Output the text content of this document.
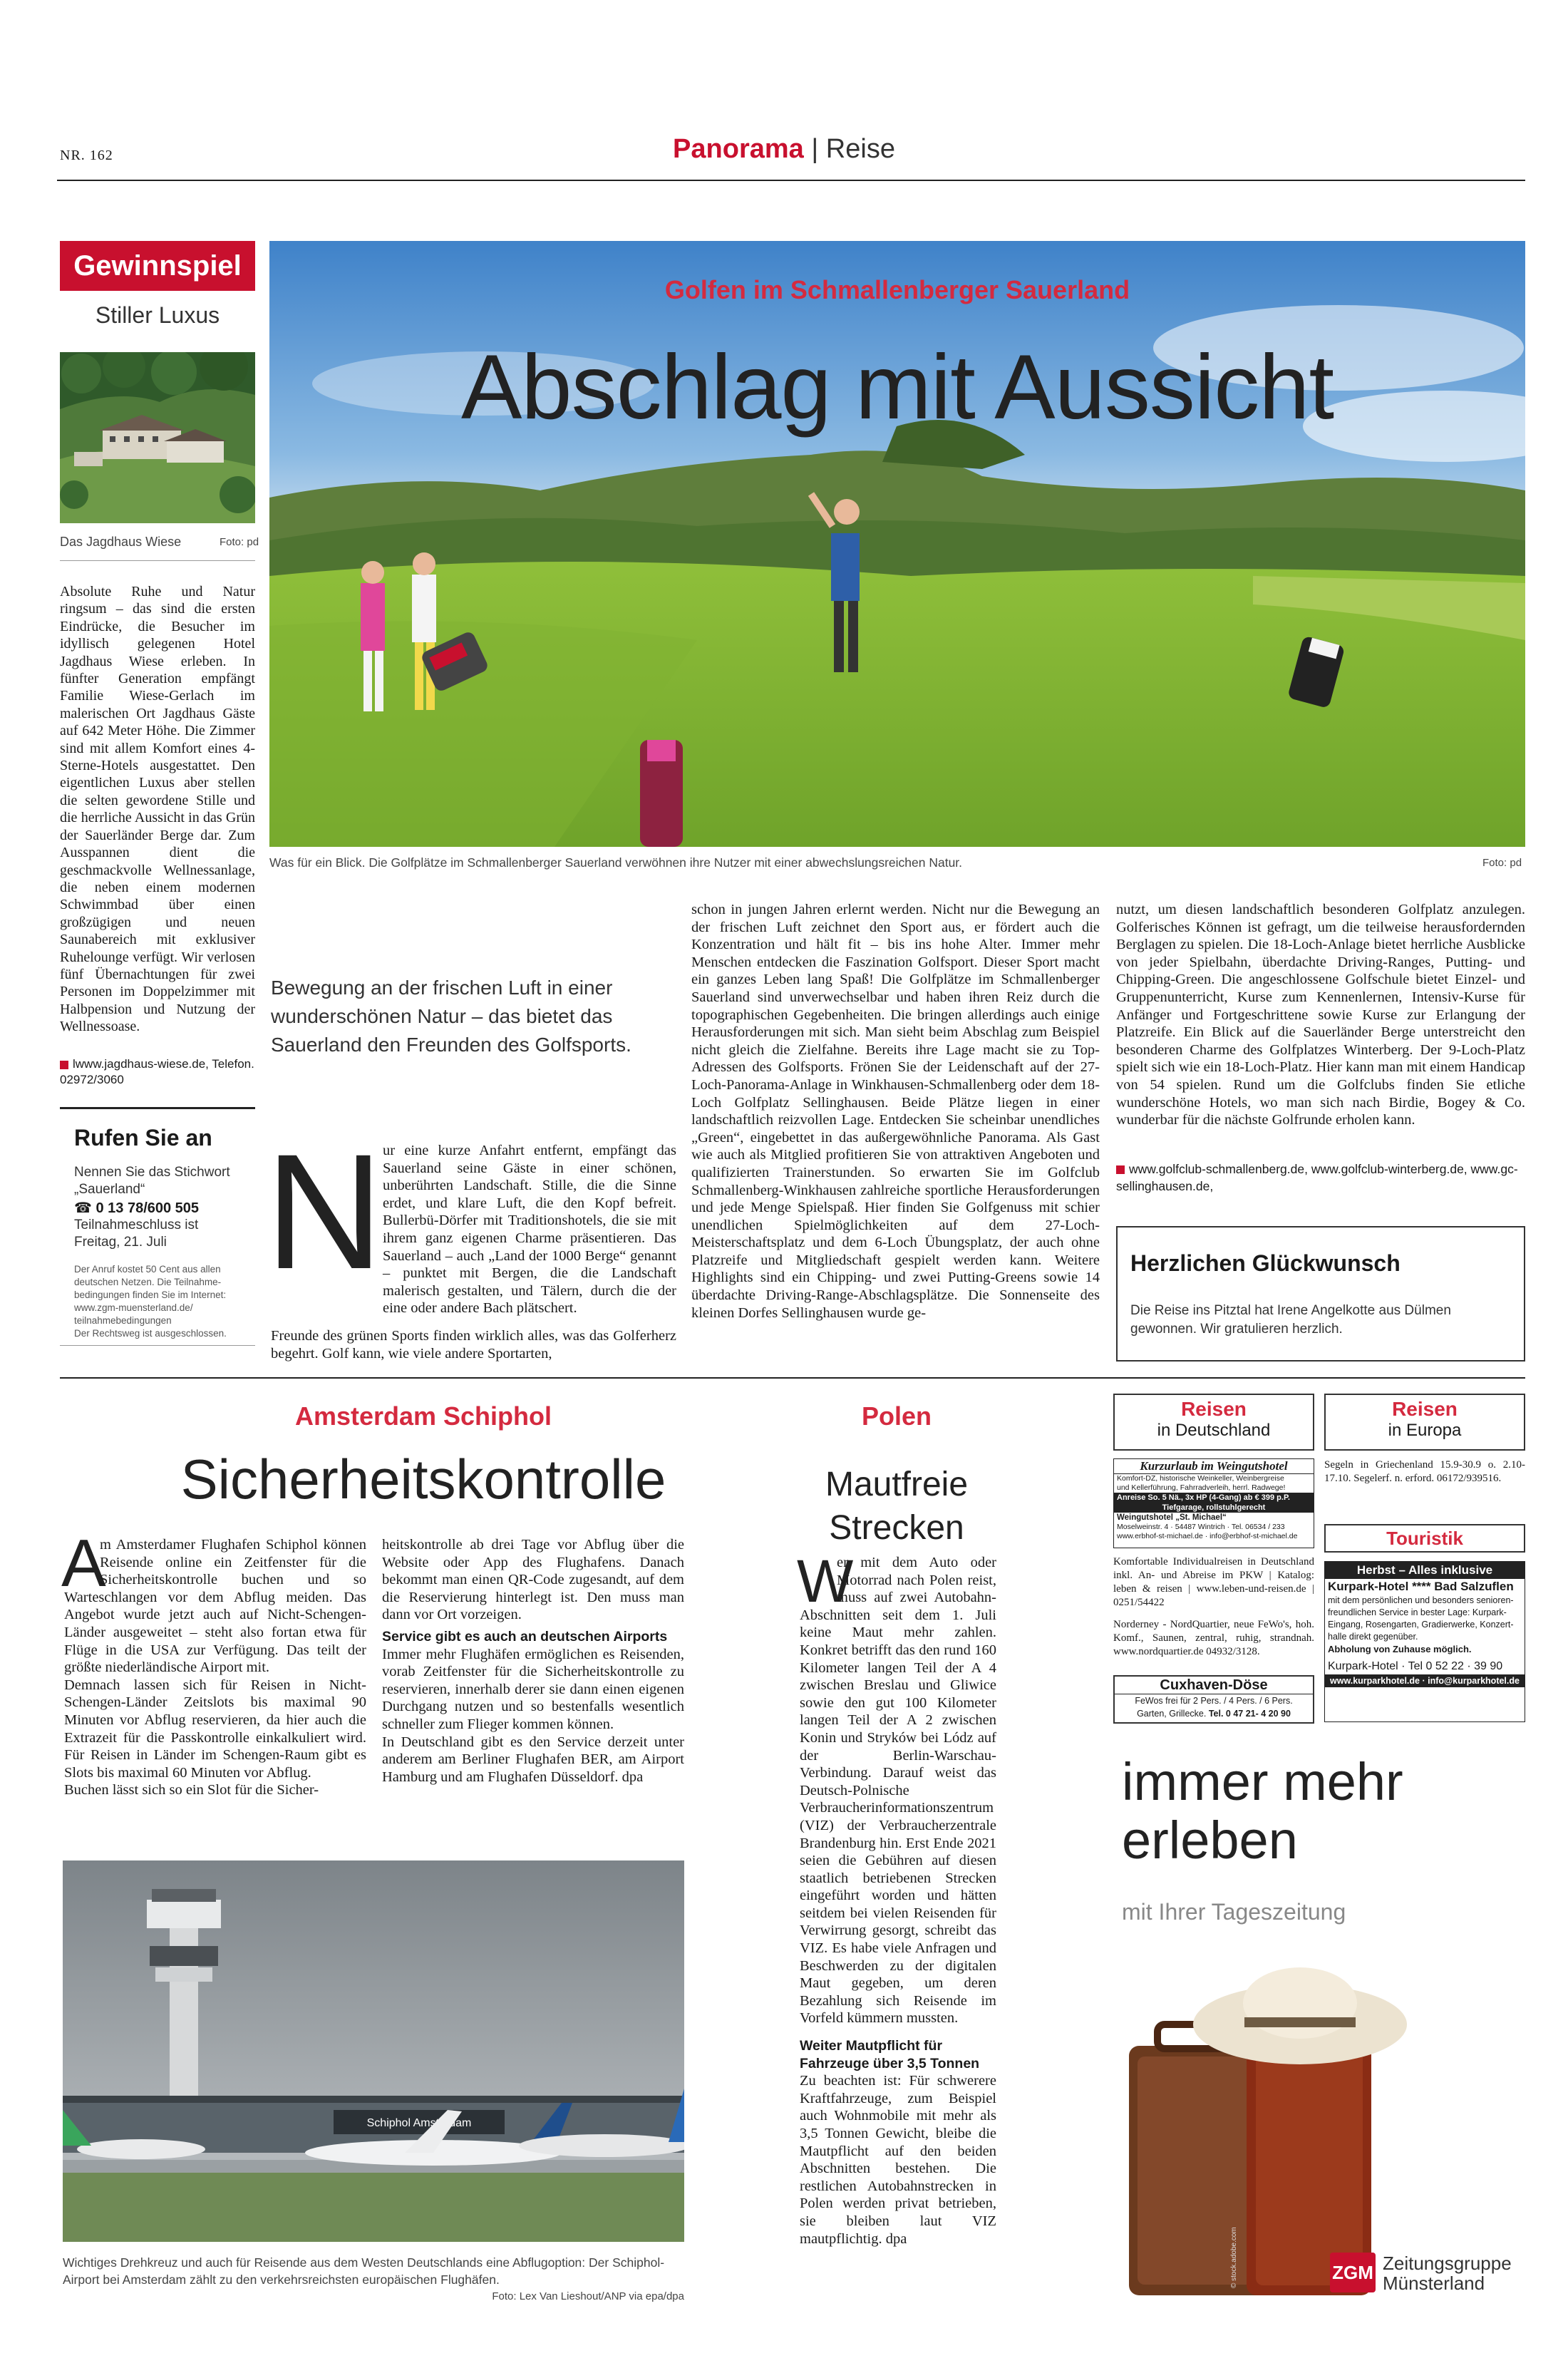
NR. 162	Panorama | Reise
Gewinnspiel
Stiller Luxus
Das Jagdhaus Wiese	Foto: pd
Absolute Ruhe und Natur ringsum – das sind die ersten Eindrücke, die Besucher im idyllisch gelegenen Hotel Jagdhaus Wiese erleben. In fünfter Generation empfängt Familie Wiese-Gerlach im malerischen Ort Jagdhaus Gäste auf 642 Meter Höhe. Die Zimmer sind mit allem Komfort eines 4-Sterne-Hotels ausgestattet. Den eigentlichen Luxus aber stellen die selten gewordene Stille und die herrliche Aussicht in das Grün der Sauerländer Berge dar. Zum Ausspannen dient die geschmackvolle Wellnessanlage, die neben einem modernen Schwimmbad über einen großzügigen und neuen Saunabereich mit exklusiver Ruhelounge verfügt. Wir verlosen fünf Übernachtungen für zwei Personen im Doppelzimmer mit Halbpension und Nutzung der Wellnessoase.
lwww.jagdhaus-wiese.de, Telefon. 02972/3060
Rufen Sie an
Nennen Sie das Stichwort
„Sauerland“
☎ 0 13 78/600 505
Teilnahmeschluss ist
Freitag, 21. Juli
Der Anruf kostet 50 Cent aus allen
deutschen Netzen. Die Teilnahme-
bedingungen finden Sie im Internet:
www.zgm-muensterland.de/
teilnahmebedingungen
Der Rechtsweg ist ausgeschlossen.
Golfen im Schmallenberger Sauerland
Abschlag mit Aussicht
Was für ein Blick. Die Golfplätze im Schmallenberger Sauerland verwöhnen ihre Nutzer mit einer abwechslungsreichen Natur.	Foto: pd
Bewegung an der frischen Luft in einer wunderschönen Natur – das bietet das Sauerland den Freunden des Golfsports.
N
ur eine kurze Anfahrt entfernt, empfängt das Sauerland seine Gäste in einer schönen, unberührten Landschaft. Stille, die die Sinne erdet, und klare Luft, die den Kopf befreit. Bullerbü-Dörfer mit Traditionshotels, die sie mit ihrem ganz eigenen Charme präsentieren. Das Sauerland – auch „Land der 1000 Berge“ genannt – punktet mit Bergen, die die Landschaft malerisch gestalten, und Tälern, durch die der eine oder andere Bach plätschert.
Freunde des grünen Sports finden wirklich alles, was das Golferherz begehrt. Golf kann, wie viele andere Sportarten,
schon in jungen Jahren erlernt werden. Nicht nur die Bewegung an der frischen Luft zeichnet den Sport aus, er fördert auch die Konzentration und hält fit – bis ins hohe Alter. Immer mehr Menschen entdecken die Faszination Golfsport. Dieser Sport macht ein ganzes Leben lang Spaß! Die Golfplätze im Schmallenberger Sauerland sind unverwechselbar und haben ihren Reiz durch die topographischen Gegebenheiten. Die bringen allerdings auch einige Herausforderungen mit sich. Man sieht beim Abschlag zum Beispiel nicht gleich die Zielfahne. Bereits ihre Lage macht sie zu Top-Adressen des Golfsports. Frönen Sie der Leidenschaft auf der 27-Loch-Panorama-Anlage in Winkhausen-Schmallenberg oder dem 18-Loch Golfplatz Sellinghausen. Beide Plätze liegen in einer landschaftlich reizvollen Lage. Entdecken Sie scheinbar unendliches „Green“, eingebettet in das außergewöhnliche Panorama. Als Gast wie auch als Mitglied profitieren Sie von attraktiven Angeboten und qualifizierten Trainerstunden. So erwarten Sie im Golfclub Schmallenberg-Winkhausen zahlreiche sportliche Herausforderungen und jede Menge Spielspaß. Hier finden Sie Golfgenuss mit schier unendlichen Spielmöglichkeiten auf dem 27-Loch-Meisterschaftsplatz und dem 6-Loch Übungsplatz, der auch ohne Platzreife und Mitgliedschaft gespielt werden kann. Weitere Highlights sind ein Chipping- und zwei Putting-Greens sowie 14 überdachte Driving-Range-Abschlagsplätze. Die Sonnenseite des kleinen Dorfes Sellinghausen wurde ge-
nutzt, um diesen landschaftlich besonderen Golfplatz anzulegen. Golferisches Können ist gefragt, um die teilweise herausfordernden Berglagen zu spielen. Die 18-Loch-Anlage bietet herrliche Ausblicke von jeder Spielbahn, überdachte Driving-Ranges, Putting- und Chipping-Green. Die angeschlossene Golfschule bietet Einzel- und Gruppenunterricht, Kurse zum Kennenlernen, Intensiv-Kurse für Anfänger und Fortgeschrittene sowie Kurse zur Erlangung der Platzreife. Ein Blick auf die Sauerländer Berge unterstreicht den besonderen Charme des Golfplatzes Winterberg. Der 9-Loch-Platz spielt sich wie ein 18-Loch-Platz. Hier kann man mit einem Handicap von 54 spielen. Rund um die Golfclubs finden Sie etliche wunderschöne Hotels, wo man sich nach Birdie, Bogey & Co. wunderbar für die nächste Golfrunde erholen kann.
www.golfclub-schmallenberg.de, www.golfclub-winterberg.de, www.gc-sellinghausen.de,
Herzlichen Glückwunsch
Die Reise ins Pitztal hat Irene Angelkotte aus Dülmen gewonnen. Wir gratulieren herzlich.
Amsterdam Schiphol
Sicherheitskontrolle
A
m Amsterdamer Flughafen Schiphol können Reisende online ein Zeitfenster für die Sicherheitskontrolle buchen und so Warteschlangen vor dem Abflug meiden. Das Angebot wurde jetzt auch auf Nicht-Schengen-Länder ausgeweitet – steht also fortan etwa für Flüge in die USA zur Verfügung. Das teilt der größte niederländische Airport mit.

Demnach lassen sich für Reisen in Nicht-Schengen-Länder Zeitslots bis maximal 90 Minuten vor Abflug reservieren, da hier auch die Extrazeit für die Passkontrolle einkalkuliert wird. Für Reisen in Länder im Schengen-Raum gibt es Slots bis maximal 60 Minuten vor Abflug.

Buchen lässt sich so ein Slot für die Sicher-

heitskontrolle ab drei Tage vor Abflug über die Website oder App des Flughafens. Danach bekommt man einen QR-Code zugesandt, auf dem die Reservierung hinterlegt ist. Den muss man dann vor Ort vorzeigen.

Service gibt es auch an deutschen Airports

Immer mehr Flughäfen ermöglichen es Reisenden, vorab Zeitfenster für die Sicherheitskontrolle zu reservieren, innerhalb derer sie dann einen eigenen Durchgang nutzen und so bestenfalls wesentlich schneller zum Flieger kommen können.

In Deutschland gibt es den Service derzeit unter anderem am Berliner Flughafen BER, am Airport Hamburg und am Flughafen Düsseldorf. dpa

Schiphol Amsterdam
Wichtiges Drehkreuz und auch für Reisende aus dem Westen Deutschlands eine Abflugoption: Der Schiphol-Airport bei Amsterdam zählt zu den verkehrsreichsten europäischen Flughäfen.
Foto: Lex Van Lieshout/ANP via epa/dpa
Polen
Mautfreie
Strecken
W
er mit dem Auto oder Motorrad nach Polen reist, muss auf zwei Autobahn-Abschnitten seit dem 1. Juli keine Maut mehr zahlen. Konkret betrifft das den rund 160 Kilometer langen Teil der A 4 zwischen Breslau und Gliwice sowie den gut 100 Kilometer langen Teil der A 2 zwischen Konin und Stryków bei Lódz auf der Berlin-Warschau-Verbindung. Darauf weist das Deutsch-Polnische Verbraucherinformationszentrum (VIZ) der Verbraucherzentrale Brandenburg hin. Erst Ende 2021 seien die Gebühren auf diesen staatlich betriebenen Strecken eingeführt worden und hätten seitdem bei vielen Reisenden für Verwirrung gesorgt, schreibt das VIZ. Es habe viele Anfragen und Beschwerden zu der digitalen Maut gegeben, um deren Bezahlung sich Reisende im Vorfeld kümmern mussten.

Weiter Mautpflicht für

Fahrzeuge über 3,5 Tonnen

Zu beachten ist: Für schwerere Kraftfahrzeuge, zum Beispiel auch Wohnmobile mit mehr als 3,5 Tonnen Gewicht, bleibe die Mautpflicht auf den beiden Abschnitten bestehen. Die restlichen Autobahnstrecken in Polen werden privat betrieben, sie bleiben laut VIZ mautpflichtig. dpa

Reisen
in Deutschland
Reisen
in Europa
Kurzurlaub im Weingutshotel
Komfort-DZ, historische Weinkeller, Weinbergreise
und Kellerführung, Fahrradverleih, herrl. Radwege!
Anreise So. 5 Nä., 3x HP (4-Gang) ab € 399 p.P.
Tiefgarage, rollstuhlgerecht
Weingutshotel „St. Michael“
Moselweinstr. 4 · 54487 Wintrich · Tel. 06534 / 233
www.erbhof-st-michael.de · info@erbhof-st-michael.de
Komfortable Individualreisen in Deutschland inkl. An- und Abreise im PKW | Katalog: leben & reisen | www.leben-und-reisen.de | 0251/54422
Norderney - NordQuartier, neue FeWo's, hoh. Komf., Saunen, zentral, ruhig, strandnah. www.nordquartier.de 04932/3128.
Cuxhaven-Döse
FeWos frei für 2 Pers. / 4 Pers. / 6 Pers.
Garten, Grillecke. Tel. 0 47 21- 4 20 90
Segeln in Griechenland 15.9-30.9 o. 2.10-17.10. Segelerf. n. erford. 06172/939516.
Touristik
Herbst – Alles inklusive
Kurpark-Hotel **** Bad Salzuflen
mit dem persönlichen und besonders senioren-
freundlichen Service in bester Lage: Kurpark-
Eingang, Rosengarten, Gradierwerke, Konzert-
halle direkt gegenüber.
Abholung von Zuhause möglich.
Kurpark-Hotel · Tel 0 52 22 · 39 90
www.kurparkhotel.de · info@kurparkhotel.de
immer mehr
erleben
mit Ihrer Tageszeitung
© stock.adobe.com	ZGM Zeitungsgruppe
Münsterland
